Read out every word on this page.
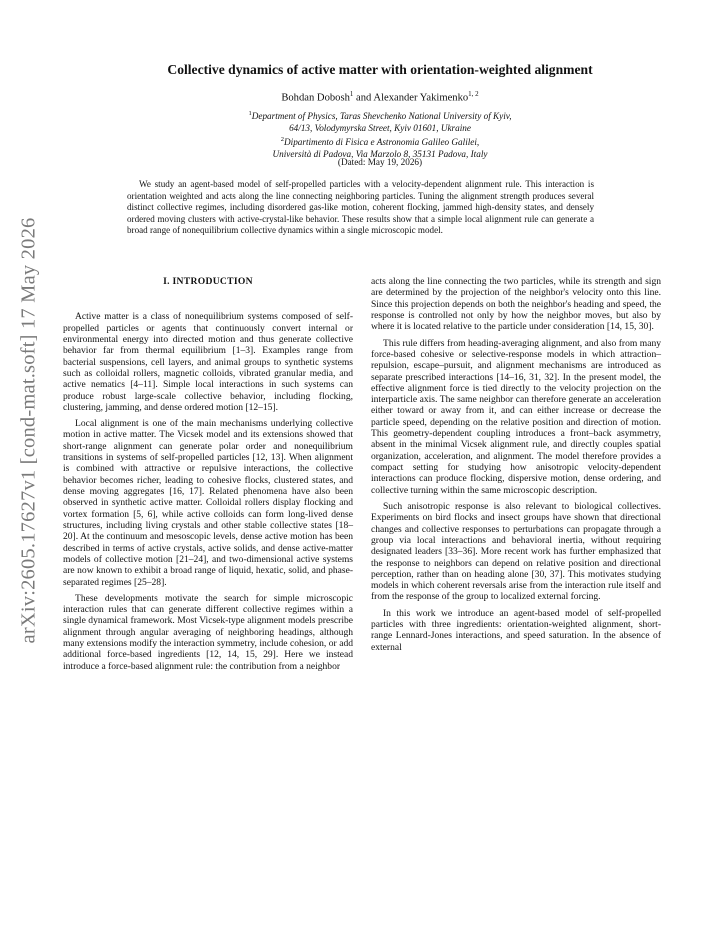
arXiv:2605.17627v1 [cond-mat.soft] 17 May 2026
Collective dynamics of active matter with orientation-weighted alignment
Bohdan Dobosh$^1$ and Alexander Yakimenko$^{1, 2}$
$^1$Department of Physics, Taras Shevchenko National University of Kyiv,
64/13, Volodymyrska Street, Kyiv 01601, Ukraine
$^2$Dipartimento di Fisica e Astronomia Galileo Galilei,
Università di Padova, Via Marzolo 8, 35131 Padova, Italy
(Dated: May 19, 2026)
We study an agent-based model of self-propelled particles with a velocity-dependent alignment rule. This interaction is orientation weighted and acts along the line connecting neighboring particles. Tuning the alignment strength produces several distinct collective regimes, including disordered gas-like motion, coherent flocking, jammed high-density states, and densely ordered moving clusters with active-crystal-like behavior. These results show that a simple local alignment rule can generate a broad range of nonequilibrium collective dynamics within a single microscopic model.
I. INTRODUCTION

Active matter is a class of nonequilibrium systems composed of self-propelled particles or agents that continuously convert internal or environmental energy into directed motion and thus generate collective behavior far from thermal equilibrium [1–3]. Examples range from bacterial suspensions, cell layers, and animal groups to synthetic systems such as colloidal rollers, magnetic colloids, vibrated granular media, and active nematics [4–11]. Simple local interactions in such systems can produce robust large-scale collective behavior, including flocking, clustering, jamming, and dense ordered motion [12–15].

Local alignment is one of the main mechanisms underlying collective motion in active matter. The Vicsek model and its extensions showed that short-range alignment can generate polar order and nonequilibrium transitions in systems of self-propelled particles [12, 13]. When alignment is combined with attractive or repulsive interactions, the collective behavior becomes richer, leading to cohesive flocks, clustered states, and dense moving aggregates [16, 17]. Related phenomena have also been observed in synthetic active matter. Colloidal rollers display flocking and vortex formation [5, 6], while active colloids can form long-lived dense structures, including living crystals and other stable collective states [18–20]. At the continuum and mesoscopic levels, dense active motion has been described in terms of active crystals, active solids, and dense active-matter models of collective motion [21–24], and two-dimensional active systems are now known to exhibit a broad range of liquid, hexatic, solid, and phase-separated regimes [25–28].

These developments motivate the search for simple microscopic interaction rules that can generate different collective regimes within a single dynamical framework. Most Vicsek-type alignment models prescribe alignment through angular averaging of neighboring headings, although many extensions modify the interaction symmetry, include cohesion, or add additional force-based ingredients [12, 14, 15, 29]. Here we instead introduce a force-based alignment rule: the contribution from a neighbor

acts along the line connecting the two particles, while its strength and sign are determined by the projection of the neighbor's velocity onto this line. Since this projection depends on both the neighbor's heading and speed, the response is controlled not only by how the neighbor moves, but also by where it is located relative to the particle under consideration [14, 15, 30].

This rule differs from heading-averaging alignment, and also from many force-based cohesive or selective-response models in which attraction–repulsion, escape–pursuit, and alignment mechanisms are introduced as separate prescribed interactions [14–16, 31, 32]. In the present model, the effective alignment force is tied directly to the velocity projection on the interparticle axis. The same neighbor can therefore generate an acceleration either toward or away from it, and can either increase or decrease the particle speed, depending on the relative position and direction of motion. This geometry-dependent coupling introduces a front–back asymmetry, absent in the minimal Vicsek alignment rule, and directly couples spatial organization, acceleration, and alignment. The model therefore provides a compact setting for studying how anisotropic velocity-dependent interactions can produce flocking, dispersive motion, dense ordering, and collective turning within the same microscopic description.

Such anisotropic response is also relevant to biological collectives. Experiments on bird flocks and insect groups have shown that directional changes and collective responses to perturbations can propagate through a group via local interactions and behavioral inertia, without requiring designated leaders [33–36]. More recent work has further emphasized that the response to neighbors can depend on relative position and directional perception, rather than on heading alone [30, 37]. This motivates studying models in which coherent reversals arise from the interaction rule itself and from the response of the group to localized external forcing.

In this work we introduce an agent-based model of self-propelled particles with three ingredients: orientation-weighted alignment, short-range Lennard-Jones interactions, and speed saturation. In the absence of external
